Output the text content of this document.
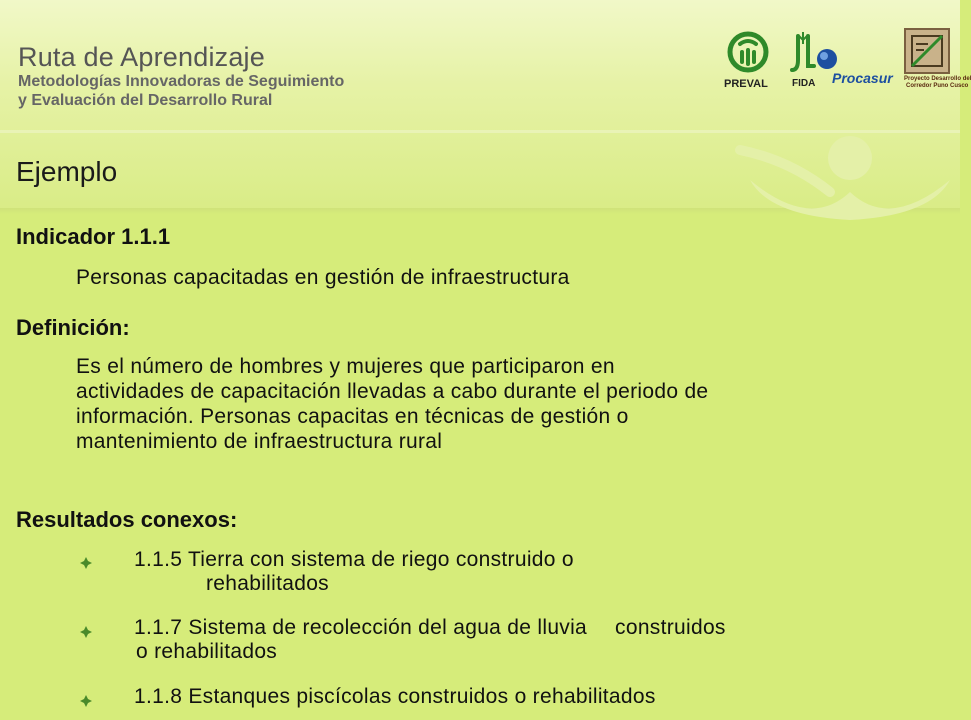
Ruta de Aprendizaje
Metodologías Innovadoras de Seguimiento
y Evaluación del Desarrollo Rural
PREVAL FIDA Procasur Proyecto Desarrollo del
Corredor Puno Cusco
Ejemplo
Indicador 1.1.1
Personas capacitadas en gestión de infraestructura
Definición:
Es el número de hombres y mujeres que participaron en
actividades de capacitación llevadas a cabo durante el periodo de
información. Personas capacitas en técnicas de gestión o
mantenimiento de infraestructura rural
Resultados conexos:
1.1.5 Tierra con sistema de riego construido o
rehabilitados
1.1.7 Sistema de recolección del agua de lluvia construidos
o rehabilitados
1.1.8 Estanques piscícolas construidos o rehabilitados
